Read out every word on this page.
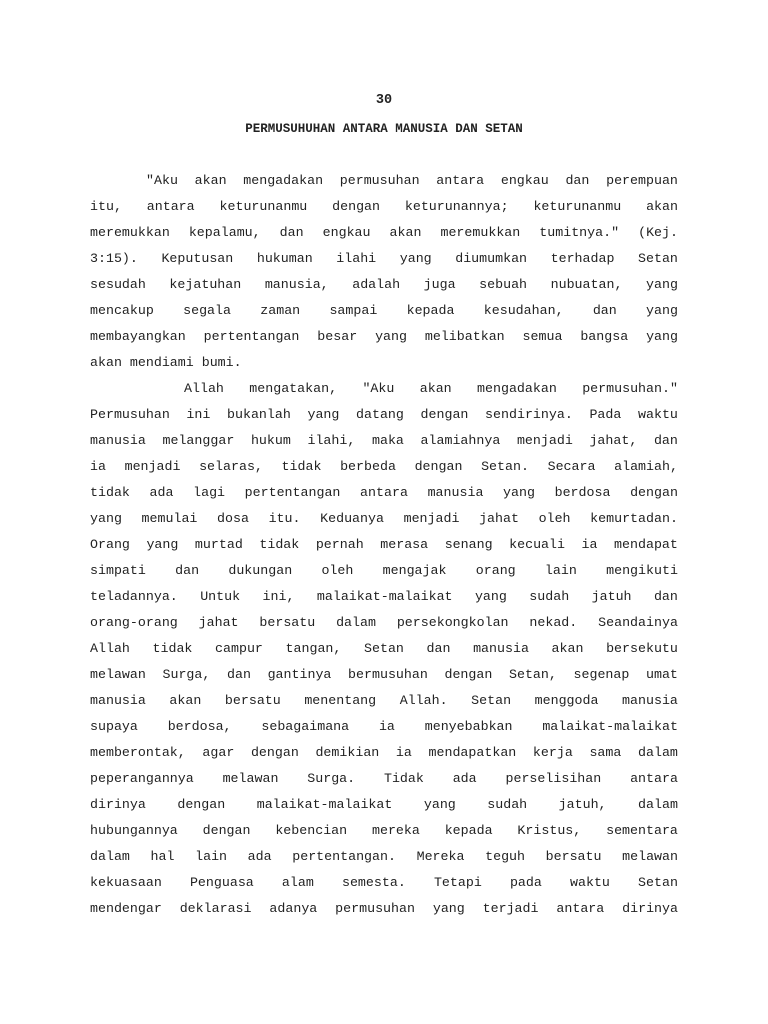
30
PERMUSUHUHAN ANTARA MANUSIA DAN SETAN
"Aku akan mengadakan permusuhan antara engkau dan perempuan
itu, antara keturunanmu dengan keturunannya; keturunanmu akan
meremukkan kepalamu, dan engkau akan meremukkan tumitnya." (Kej.
3:15). Keputusan hukuman ilahi yang diumumkan terhadap Setan
sesudah kejatuhan manusia, adalah juga sebuah nubuatan, yang
mencakup segala zaman sampai kepada kesudahan, dan yang
membayangkan pertentangan besar yang melibatkan semua bangsa yang
akan mendiami bumi.
Allah mengatakan, "Aku akan mengadakan permusuhan."
Permusuhan ini bukanlah yang datang dengan sendirinya. Pada waktu
manusia melanggar hukum ilahi, maka alamiahnya menjadi jahat, dan
ia menjadi selaras, tidak berbeda dengan Setan. Secara alamiah,
tidak ada lagi pertentangan antara manusia yang berdosa dengan
yang memulai dosa itu. Keduanya menjadi jahat oleh kemurtadan.
Orang yang murtad tidak pernah merasa senang kecuali ia mendapat
simpati dan dukungan oleh mengajak orang lain mengikuti
teladannya. Untuk ini, malaikat-malaikat yang sudah jatuh dan
orang-orang jahat bersatu dalam persekongkolan nekad. Seandainya
Allah tidak campur tangan, Setan dan manusia akan bersekutu
melawan Surga, dan gantinya bermusuhan dengan Setan, segenap umat
manusia akan bersatu menentang Allah. Setan menggoda manusia
supaya berdosa, sebagaimana ia menyebabkan malaikat-malaikat
memberontak, agar dengan demikian ia mendapatkan kerja sama dalam
peperangannya melawan Surga. Tidak ada perselisihan antara
dirinya dengan malaikat-malaikat yang sudah jatuh, dalam
hubungannya dengan kebencian mereka kepada Kristus, sementara
dalam hal lain ada pertentangan. Mereka teguh bersatu melawan
kekuasaan Penguasa alam semesta. Tetapi pada waktu Setan
mendengar deklarasi adanya permusuhan yang terjadi antara dirinya
